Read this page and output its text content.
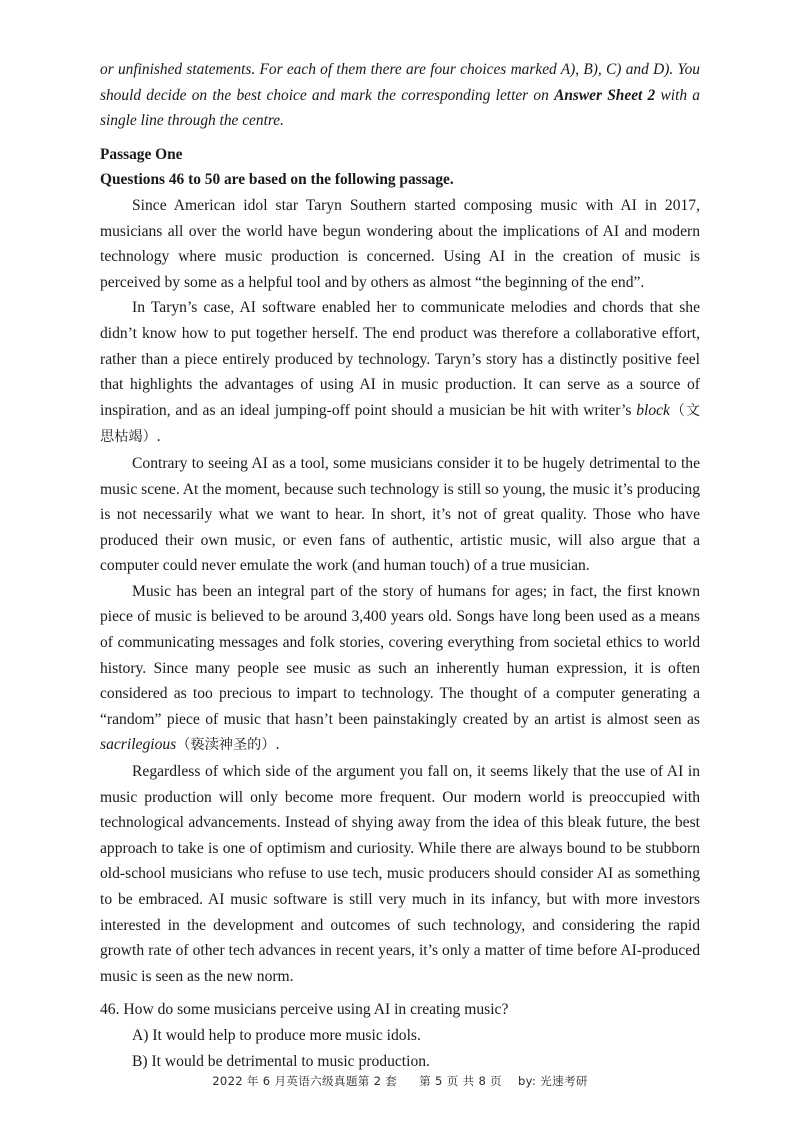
or unfinished statements. For each of them there are four choices marked A), B), C) and D). You should decide on the best choice and mark the corresponding letter on Answer Sheet 2 with a single line through the centre.

Passage One

Questions 46 to 50 are based on the following passage.

Since American idol star Taryn Southern started composing music with AI in 2017, musicians all over the world have begun wondering about the implications of AI and modern technology where music production is concerned. Using AI in the creation of music is perceived by some as a helpful tool and by others as almost “the beginning of the end”.

In Taryn’s case, AI software enabled her to communicate melodies and chords that she didn’t know how to put together herself. The end product was therefore a collaborative effort, rather than a piece entirely produced by technology. Taryn’s story has a distinctly positive feel that highlights the advantages of using AI in music production. It can serve as a source of inspiration, and as an ideal jumping-off point should a musician be hit with writer’s block（文思枯竭）.

Contrary to seeing AI as a tool, some musicians consider it to be hugely detrimental to the music scene. At the moment, because such technology is still so young, the music it’s producing is not necessarily what we want to hear. In short, it’s not of great quality. Those who have produced their own music, or even fans of authentic, artistic music, will also argue that a computer could never emulate the work (and human touch) of a true musician.

Music has been an integral part of the story of humans for ages; in fact, the first known piece of music is believed to be around 3,400 years old. Songs have long been used as a means of communicating messages and folk stories, covering everything from societal ethics to world history. Since many people see music as such an inherently human expression, it is often considered as too precious to impart to technology. The thought of a computer generating a “random” piece of music that hasn’t been painstakingly created by an artist is almost seen as sacrilegious（亵渎神圣的）.

Regardless of which side of the argument you fall on, it seems likely that the use of AI in music production will only become more frequent. Our modern world is preoccupied with technological advancements. Instead of shying away from the idea of this bleak future, the best approach to take is one of optimism and curiosity. While there are always bound to be stubborn old-school musicians who refuse to use tech, music producers should consider AI as something to be embraced. AI music software is still very much in its infancy, but with more investors interested in the development and outcomes of such technology, and considering the rapid growth rate of other tech advances in recent years, it’s only a matter of time before AI-produced music is seen as the new norm.

46. How do some musicians perceive using AI in creating music?

A) It would help to produce more music idols.

B) It would be detrimental to music production.

2022 年 6 月英语六级真题第 2 套 第 5 页 共 8 页 by: 光速考研
